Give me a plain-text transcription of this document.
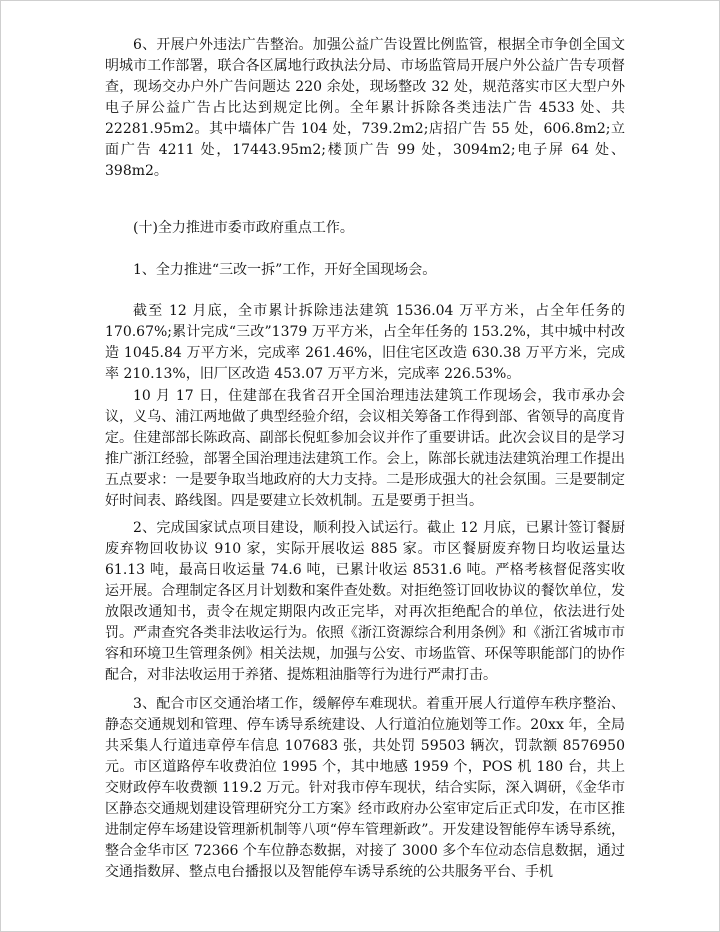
6、开展户外违法广告整治。加强公益广告设置比例监管，根据全市争创全国文明城市工作部署，联合各区属地行政执法分局、市场监管局开展户外公益广告专项督查，现场交办户外广告问题达 220 余处，现场整改 32 处，规范落实市区大型户外电子屏公益广告占比达到规定比例。全年累计拆除各类违法广告 4533 处、共 22281.95m2。其中墙体广告 104 处，739.2m2;店招广告 55 处，606.8m2;立面广告 4211 处，17443.95m2;楼顶广告 99 处，3094m2;电子屏 64 处、398m2。
(十)全力推进市委市政府重点工作。
1、全力推进“三改一拆”工作，开好全国现场会。
截至 12 月底，全市累计拆除违法建筑 1536.04 万平方米，占全年任务的 170.67%;累计完成“三改”1379 万平方米，占全年任务的 153.2%，其中城中村改造 1045.84 万平方米，完成率 261.46%，旧住宅区改造 630.38 万平方米，完成率 210.13%，旧厂区改造 453.07 万平方米，完成率 226.53%。
10 月 17 日，住建部在我省召开全国治理违法建筑工作现场会，我市承办会议，义乌、浦江两地做了典型经验介绍，会议相关筹备工作得到部、省领导的高度肯定。住建部部长陈政高、副部长倪虹参加会议并作了重要讲话。此次会议目的是学习推广浙江经验，部署全国治理违法建筑工作。会上，陈部长就违法建筑治理工作提出五点要求：一是要争取当地政府的大力支持。二是形成强大的社会氛围。三是要制定好时间表、路线图。四是要建立长效机制。五是要勇于担当。
2、完成国家试点项目建设，顺利投入试运行。截止 12 月底，已累计签订餐厨废弃物回收协议 910 家，实际开展收运 885 家。市区餐厨废弃物日均收运量达 61.13 吨，最高日收运量 74.6 吨，已累计收运 8531.6 吨。严格考核督促落实收运开展。合理制定各区月计划数和案件查处数。对拒绝签订回收协议的餐饮单位，发放限改通知书，责令在规定期限内改正完毕，对再次拒绝配合的单位，依法进行处罚。严肃查究各类非法收运行为。依照《浙江资源综合利用条例》和《浙江省城市市容和环境卫生管理条例》相关法规，加强与公安、市场监管、环保等职能部门的协作配合，对非法收运用于养猪、提炼粗油脂等行为进行严肃打击。
3、配合市区交通治堵工作，缓解停车难现状。着重开展人行道停车秩序整治、静态交通规划和管理、停车诱导系统建设、人行道泊位施划等工作。20xx 年，全局共采集人行道违章停车信息 107683 张，共处罚 59503 辆次，罚款额 8576950 元。市区道路停车收费泊位 1995 个，其中地感 1959 个，POS 机 180 台，共上交财政停车收费额 119.2 万元。针对我市停车现状，结合实际，深入调研，《金华市区静态交通规划建设管理研究分工方案》经市政府办公室审定后正式印发，在市区推进制定停车场建设管理新机制等八项“停车管理新政”。开发建设智能停车诱导系统，整合金华市区 72366 个车位静态数据，对接了 3000 多个车位动态信息数据，通过交通指数屏、整点电台播报以及智能停车诱导系统的公共服务平台、手机
